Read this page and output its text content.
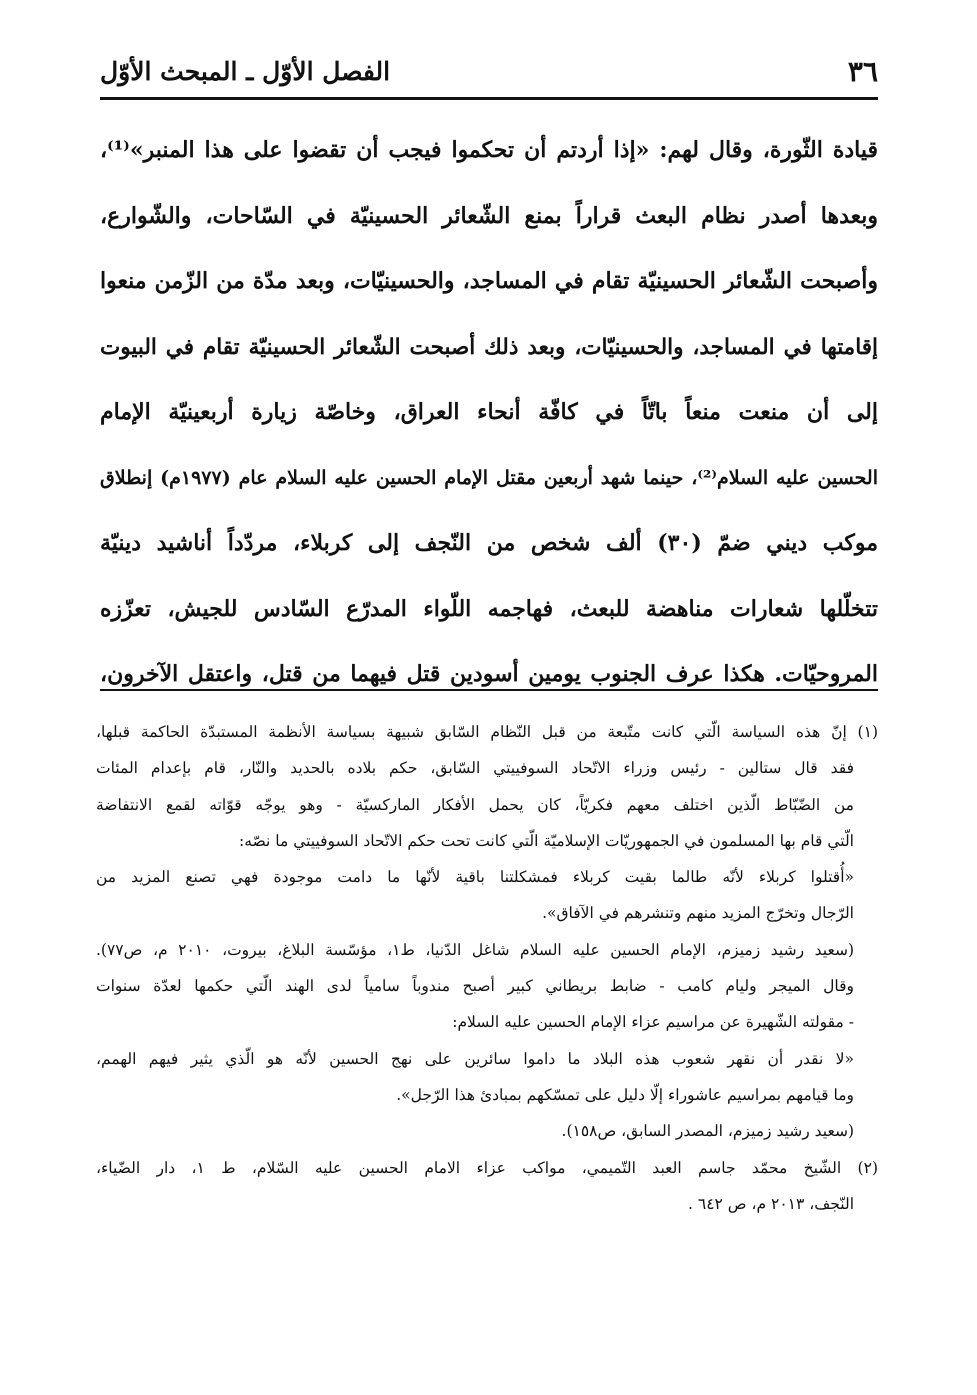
٣٦
الفصل الأوّل ـ المبحث الأوّل
قيادة الثّورة، وقال لهم: «إذا أردتم أن تحكموا فيجب أن تقضوا على هذا المنبر»⁽¹⁾،
وبعدها أصدر نظام البعث قراراً بمنع الشّعائر الحسينيّة في السّاحات، والشّوارع،
وأصبحت الشّعائر الحسينيّة تقام في المساجد، والحسينيّات، وبعد مدّة من الزّمن منعوا
إقامتها في المساجد، والحسينيّات، وبعد ذلك أصبحت الشّعائر الحسينيّة تقام في البيوت
إلى أن منعت منعاً باتّاً في كافّة أنحاء العراق، وخاصّة زيارة أربعينيّة الإمام
الحسين عليه السلام⁽²⁾، حينما شهد أربعين مقتل الإمام الحسين عليه السلام عام (١٩٧٧م) إنطلاق
موكب ديني ضمّ (٣٠) ألف شخص من النّجف إلى كربلاء، مردّداً أناشيد دينيّة
تتخلّلها شعارات مناهضة للبعث، فهاجمه اللّواء المدرّع السّادس للجيش، تعزّزه
المروحيّات. هكذا عرف الجنوب يومين أسودين قتل فيهما من قتل، واعتقل الآخرون،
(١) إنّ هذه السياسة الّتي كانت متّبعة من قبل النّظام السّابق شبيهة بسياسة الأنظمة المستبدّة الحاكمة قبلها،
فقد قال ستالين - رئيس وزراء الاتّحاد السوفييتي السّابق، حكم بلاده بالحديد والنّار، قام بإعدام المئات
من الضّبّاط الّذين اختلف معهم فكريّاً، كان يحمل الأفكار الماركسيّة - وهو يوجّه قوّاته لقمع الانتفاضة
الّتي قام بها المسلمون في الجمهوريّات الإسلاميّة الّتي كانت تحت حكم الاتّحاد السوفييتي ما نصّه:
«أُقتلوا كربلاء لأنّه طالما بقيت كربلاء فمشكلتنا باقية لأنّها ما دامت موجودة فهي تصنع المزيد من
الرّجال وتخرّج المزيد منهم وتنشرهم في الآفاق».
(سعيد رشيد زميزم، الإمام الحسين عليه السلام شاغل الدّنيا، ط١، مؤسّسة البلاغ، بيروت، ٢٠١٠ م، ص٧٧).
وقال الميجر وليام كامب - ضابط بريطاني كبير أصبح مندوباً سامياً لدى الهند الّتي حكمها لعدّة سنوات
- مقولته الشّهيرة عن مراسيم عزاء الإمام الحسين عليه السلام:
«لا نقدر أن نقهر شعوب هذه البلاد ما داموا سائرين على نهج الحسين لأنّه هو الّذي يثير فيهم الهمم،
وما قيامهم بمراسيم عاشوراء إلّا دليل على تمسّكهم بمبادئ هذا الرّجل».
(سعيد رشيد زميزم، المصدر السابق، ص١٥٨).
(٢) الشّيخ محمّد جاسم العبد التّميمي، مواكب عزاء الامام الحسين عليه السّلام، ط ١، دار الضّياء،
النّجف، ٢٠١٣ م، ص ٦٤٢ .
